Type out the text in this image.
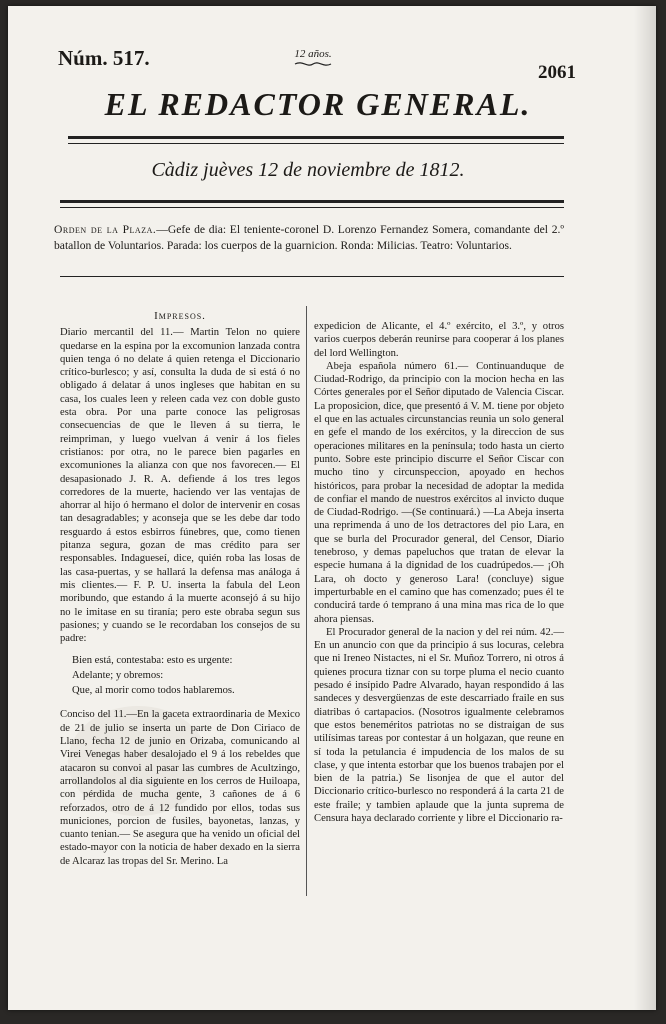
Núm. 517.	12 años.
2061
EL REDACTOR GENERAL.
Càdiz juèves 12 de noviembre de 1812.
Orden de la Plaza.—Gefe de dia: El teniente-coronel D. Lorenzo Fernandez Somera, comandante del 2.º batallon de Voluntarios. Parada: los cuerpos de la guarnicion. Ronda: Milicias. Teatro: Voluntarios.

Impresos.

Diario mercantil del 11.— Martin Telon no quiere quedarse en la espina por la excomunion lanzada contra quien tenga ó no delate á quien retenga el Diccionario crítico-burlesco; y así, consulta la duda de si está ó no obligado á delatar á unos ingleses que habitan en su casa, los cuales leen y releen cada vez con doble gusto esta obra. Por una parte conoce las peligrosas consecuencias de que le lleven á su tierra, le reimpriman, y luego vuelvan á venir á los fieles cristianos: por otra, no le parece bien pagarles en excomuniones la alianza con que nos favorecen.— El desapasionado J. R. A. defiende á los tres legos corredores de la muerte, haciendo ver las ventajas de ahorrar al hijo ó hermano el dolor de intervenir en cosas tan desagradables; y aconseja que se les debe dar todo resguardo á estos esbirros fúnebres, que, como tienen pitanza segura, gozan de mas crédito para ser responsables. Indagueseí, dice, quién roba las losas de las casa-puertas, y se hallará la defensa mas análoga á mis clientes.— F. P. U. inserta la fabula del Leon moribundo, que estando á la muerte aconsejó á su hijo no le imitase en su tiranía; pero este obraba segun sus pasiones; y cuando se le recordaban los consejos de su padre:

Bien está, contestaba: esto es urgente:
Adelante; y obremos:
Que, al morir como todos hablaremos.

Conciso del 11.—En la gaceta extraordinaria de Mexico de 21 de julio se inserta un parte de Don Ciriaco de Llano, fecha 12 de junio en Orizaba, comunicando al Virei Venegas haber desalojado el 9 á los rebeldes que atacaron su convoi al pasar las cumbres de Acultzingo, arrollandolos al dia siguiente en los cerros de Huiloapa, con pérdida de mucha gente, 3 cañones de á 6 reforzados, otro de á 12 fundido por ellos, todas sus municiones, porcion de fusiles, bayonetas, lanzas, y cuanto tenian.— Se asegura que ha venido un oficial del estado-mayor con la noticia de haber dexado en la sierra de Alcaraz las tropas del Sr. Merino. La

expedicion de Alicante, el 4.º exército, el 3.º, y otros varios cuerpos deberán reunirse para cooperar á los planes del lord Wellington.

Abeja española número 61.— Continuanduque de Ciudad-Rodrigo, da principio con la mocion hecha en las Córtes generales por el Señor diputado de Valencia Ciscar. La proposicion, dice, que presentó á V. M. tiene por objeto el que en las actuales circunstancias reunia un solo general en gefe el mando de los exércitos, y la direccion de sus operaciones militares en la península; todo hasta un cierto punto. Sobre este principio discurre el Señor Ciscar con mucho tino y circunspeccion, apoyado en hechos históricos, para probar la necesidad de adoptar la medida de confiar el mando de nuestros exércitos al invicto duque de Ciudad-Rodrigo. —(Se continuará.) —La Abeja inserta una reprimenda á uno de los detractores del pio Lara, en que se burla del Procurador general, del Censor, Diario tenebroso, y demas papeluchos que tratan de elevar la especie humana á la dignidad de los cuadrúpedos.— ¡Oh Lara, oh docto y generoso Lara! (concluye) sigue imperturbable en el camino que has comenzado; pues él te conducirá tarde ó temprano á una mina mas rica de lo que ahora piensas.

El Procurador general de la nacion y del rei núm. 42.— En un anuncio con que da principio á sus locuras, celebra que ni Ireneo Nistactes, ni el Sr. Muñoz Torrero, ni otros á quienes procura tiznar con su torpe pluma el necio cuanto pesado é insípido Padre Alvarado, hayan respondido á las sandeces y desvergüenzas de este descarriado fraile en sus diatribas ó cartapacios. (Nosotros igualmente celebramos que estos beneméritos patriotas no se distraigan de sus utilísimas tareas por contestar á un holgazan, que reune en sí toda la petulancia é impudencia de los malos de su clase, y que intenta estorbar que los buenos trabajen por el bien de la patria.) Se lisonjea de que el autor del Diccionario crítico-burlesco no responderá á la carta 21 de este fraile; y tambien aplaude que la junta suprema de Censura haya declarado corriente y libre el Diccionario ra-
